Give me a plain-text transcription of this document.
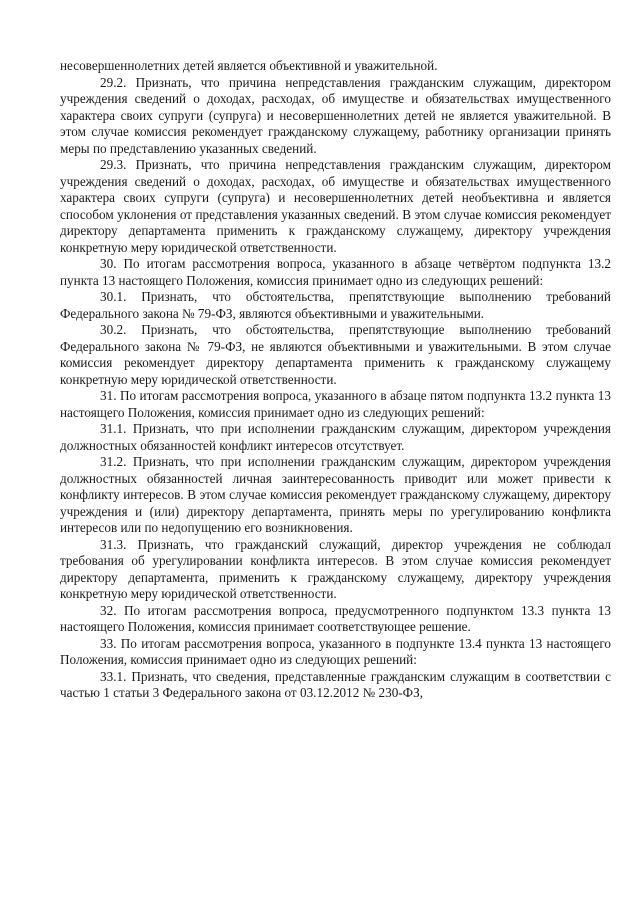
несовершеннолетних детей является объективной и уважительной.

29.2. Признать, что причина непредставления гражданским служащим, директором учреждения сведений о доходах, расходах, об имуществе и обязательствах имущественного характера своих супруги (супруга) и несовершеннолетних детей не является уважительной. В этом случае комиссия рекомендует гражданскому служащему, работнику организации принять меры по представлению указанных сведений.

29.3. Признать, что причина непредставления гражданским служащим, директором учреждения сведений о доходах, расходах, об имуществе и обязательствах имущественного характера своих супруги (супруга) и несовершеннолетних детей необъективна и является способом уклонения от представления указанных сведений. В этом случае комиссия рекомендует директору департамента применить к гражданскому служащему, директору учреждения конкретную меру юридической ответственности.

30. По итогам рассмотрения вопроса, указанного в абзаце четвёртом подпункта 13.2 пункта 13 настоящего Положения, комиссия принимает одно из следующих решений:

30.1. Признать, что обстоятельства, препятствующие выполнению требований Федерального закона № 79-ФЗ, являются объективными и уважительными.

30.2. Признать, что обстоятельства, препятствующие выполнению требований Федерального закона № 79-ФЗ, не являются объективными и уважительными. В этом случае комиссия рекомендует директору департамента применить к гражданскому служащему конкретную меру юридической ответственности.

31. По итогам рассмотрения вопроса, указанного в абзаце пятом подпункта 13.2 пункта 13 настоящего Положения, комиссия принимает одно из следующих решений:

31.1. Признать, что при исполнении гражданским служащим, директором учреждения должностных обязанностей конфликт интересов отсутствует.

31.2. Признать, что при исполнении гражданским служащим, директором учреждения должностных обязанностей личная заинтересованность приводит или может привести к конфликту интересов. В этом случае комиссия рекомендует гражданскому служащему, директору учреждения и (или) директору департамента, принять меры по урегулированию конфликта интересов или по недопущению его возникновения.

31.3. Признать, что гражданский служащий, директор учреждения не соблюдал требования об урегулировании конфликта интересов. В этом случае комиссия рекомендует директору департамента, применить к гражданскому служащему, директору учреждения конкретную меру юридической ответственности.

32. По итогам рассмотрения вопроса, предусмотренного подпунктом 13.3 пункта 13 настоящего Положения, комиссия принимает соответствующее решение.

33. По итогам рассмотрения вопроса, указанного в подпункте 13.4 пункта 13 настоящего Положения, комиссия принимает одно из следующих решений:

33.1. Признать, что сведения, представленные гражданским служащим в соответствии с частью 1 статьи 3 Федерального закона от 03.12.2012 № 230-ФЗ,
